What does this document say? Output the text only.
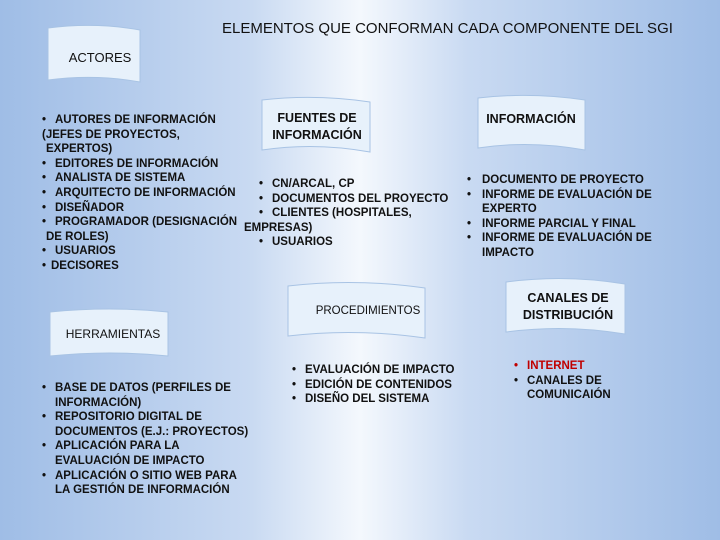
ELEMENTOS QUE CONFORMAN CADA COMPONENTE DEL SGI
ACTORES
FUENTES DE
INFORMACIÓN
INFORMACIÓN
PROCEDIMIENTOS
CANALES DE
DISTRIBUCIÓN
HERRAMIENTAS
• AUTORES DE INFORMACIÓN
(JEFES DE PROYECTOS,
EXPERTOS)
• EDITORES DE INFORMACIÓN
• ANALISTA DE SISTEMA
• ARQUITECTO DE INFORMACIÓN
• DISEÑADOR
• PROGRAMADOR (DESIGNACIÓN
DE ROLES)
• USUARIOS
• DECISORES
• CN/ARCAL, CP
• DOCUMENTOS DEL PROYECTO
• CLIENTES (HOSPITALES,
EMPRESAS)
• USUARIOS
• DOCUMENTO DE PROYECTO
• INFORME DE EVALUACIÓN DE
EXPERTO
• INFORME PARCIAL Y FINAL
• INFORME DE EVALUACIÓN DE
IMPACTO
• EVALUACIÓN DE IMPACTO
• EDICIÓN DE CONTENIDOS
• DISEÑO DEL SISTEMA
• INTERNET
• CANALES DE
COMUNICAIÓN
• BASE DE DATOS (PERFILES DE
INFORMACIÓN)
• REPOSITORIO DIGITAL DE
DOCUMENTOS (E.J.: PROYECTOS)
• APLICACIÓN PARA LA
EVALUACIÓN DE IMPACTO
• APLICACIÓN O SITIO WEB PARA
LA GESTIÓN DE INFORMACIÓN
